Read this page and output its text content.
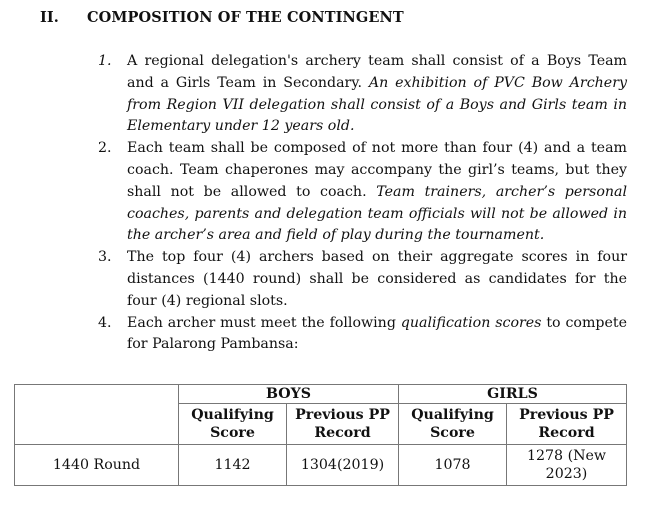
II. COMPOSITION OF THE CONTINGENT
1. A regional delegation's archery team shall consist of a Boys Team and a Girls Team in Secondary. An exhibition of PVC Bow Archery from Region VII delegation shall consist of a Boys and Girls team in Elementary under 12 years old.
2. Each team shall be composed of not more than four (4) and a team coach. Team chaperones may accompany the girl’s teams, but they shall not be allowed to coach. Team trainers, archer’s personal coaches, parents and delegation team officials will not be allowed in the archer’s area and field of play during the tournament.
3. The top four (4) archers based on their aggregate scores in four distances (1440 round) shall be considered as candidates for the four (4) regional slots.
4. Each archer must meet the following qualification scores to compete for Palarong Pambansa:
	BOYS		GIRLS	
	Qualifying Score	Previous PP Record	Qualifying Score	Previous PP Record
1440 Round	1142	1304(2019)	1078	1278 (New 2023)
